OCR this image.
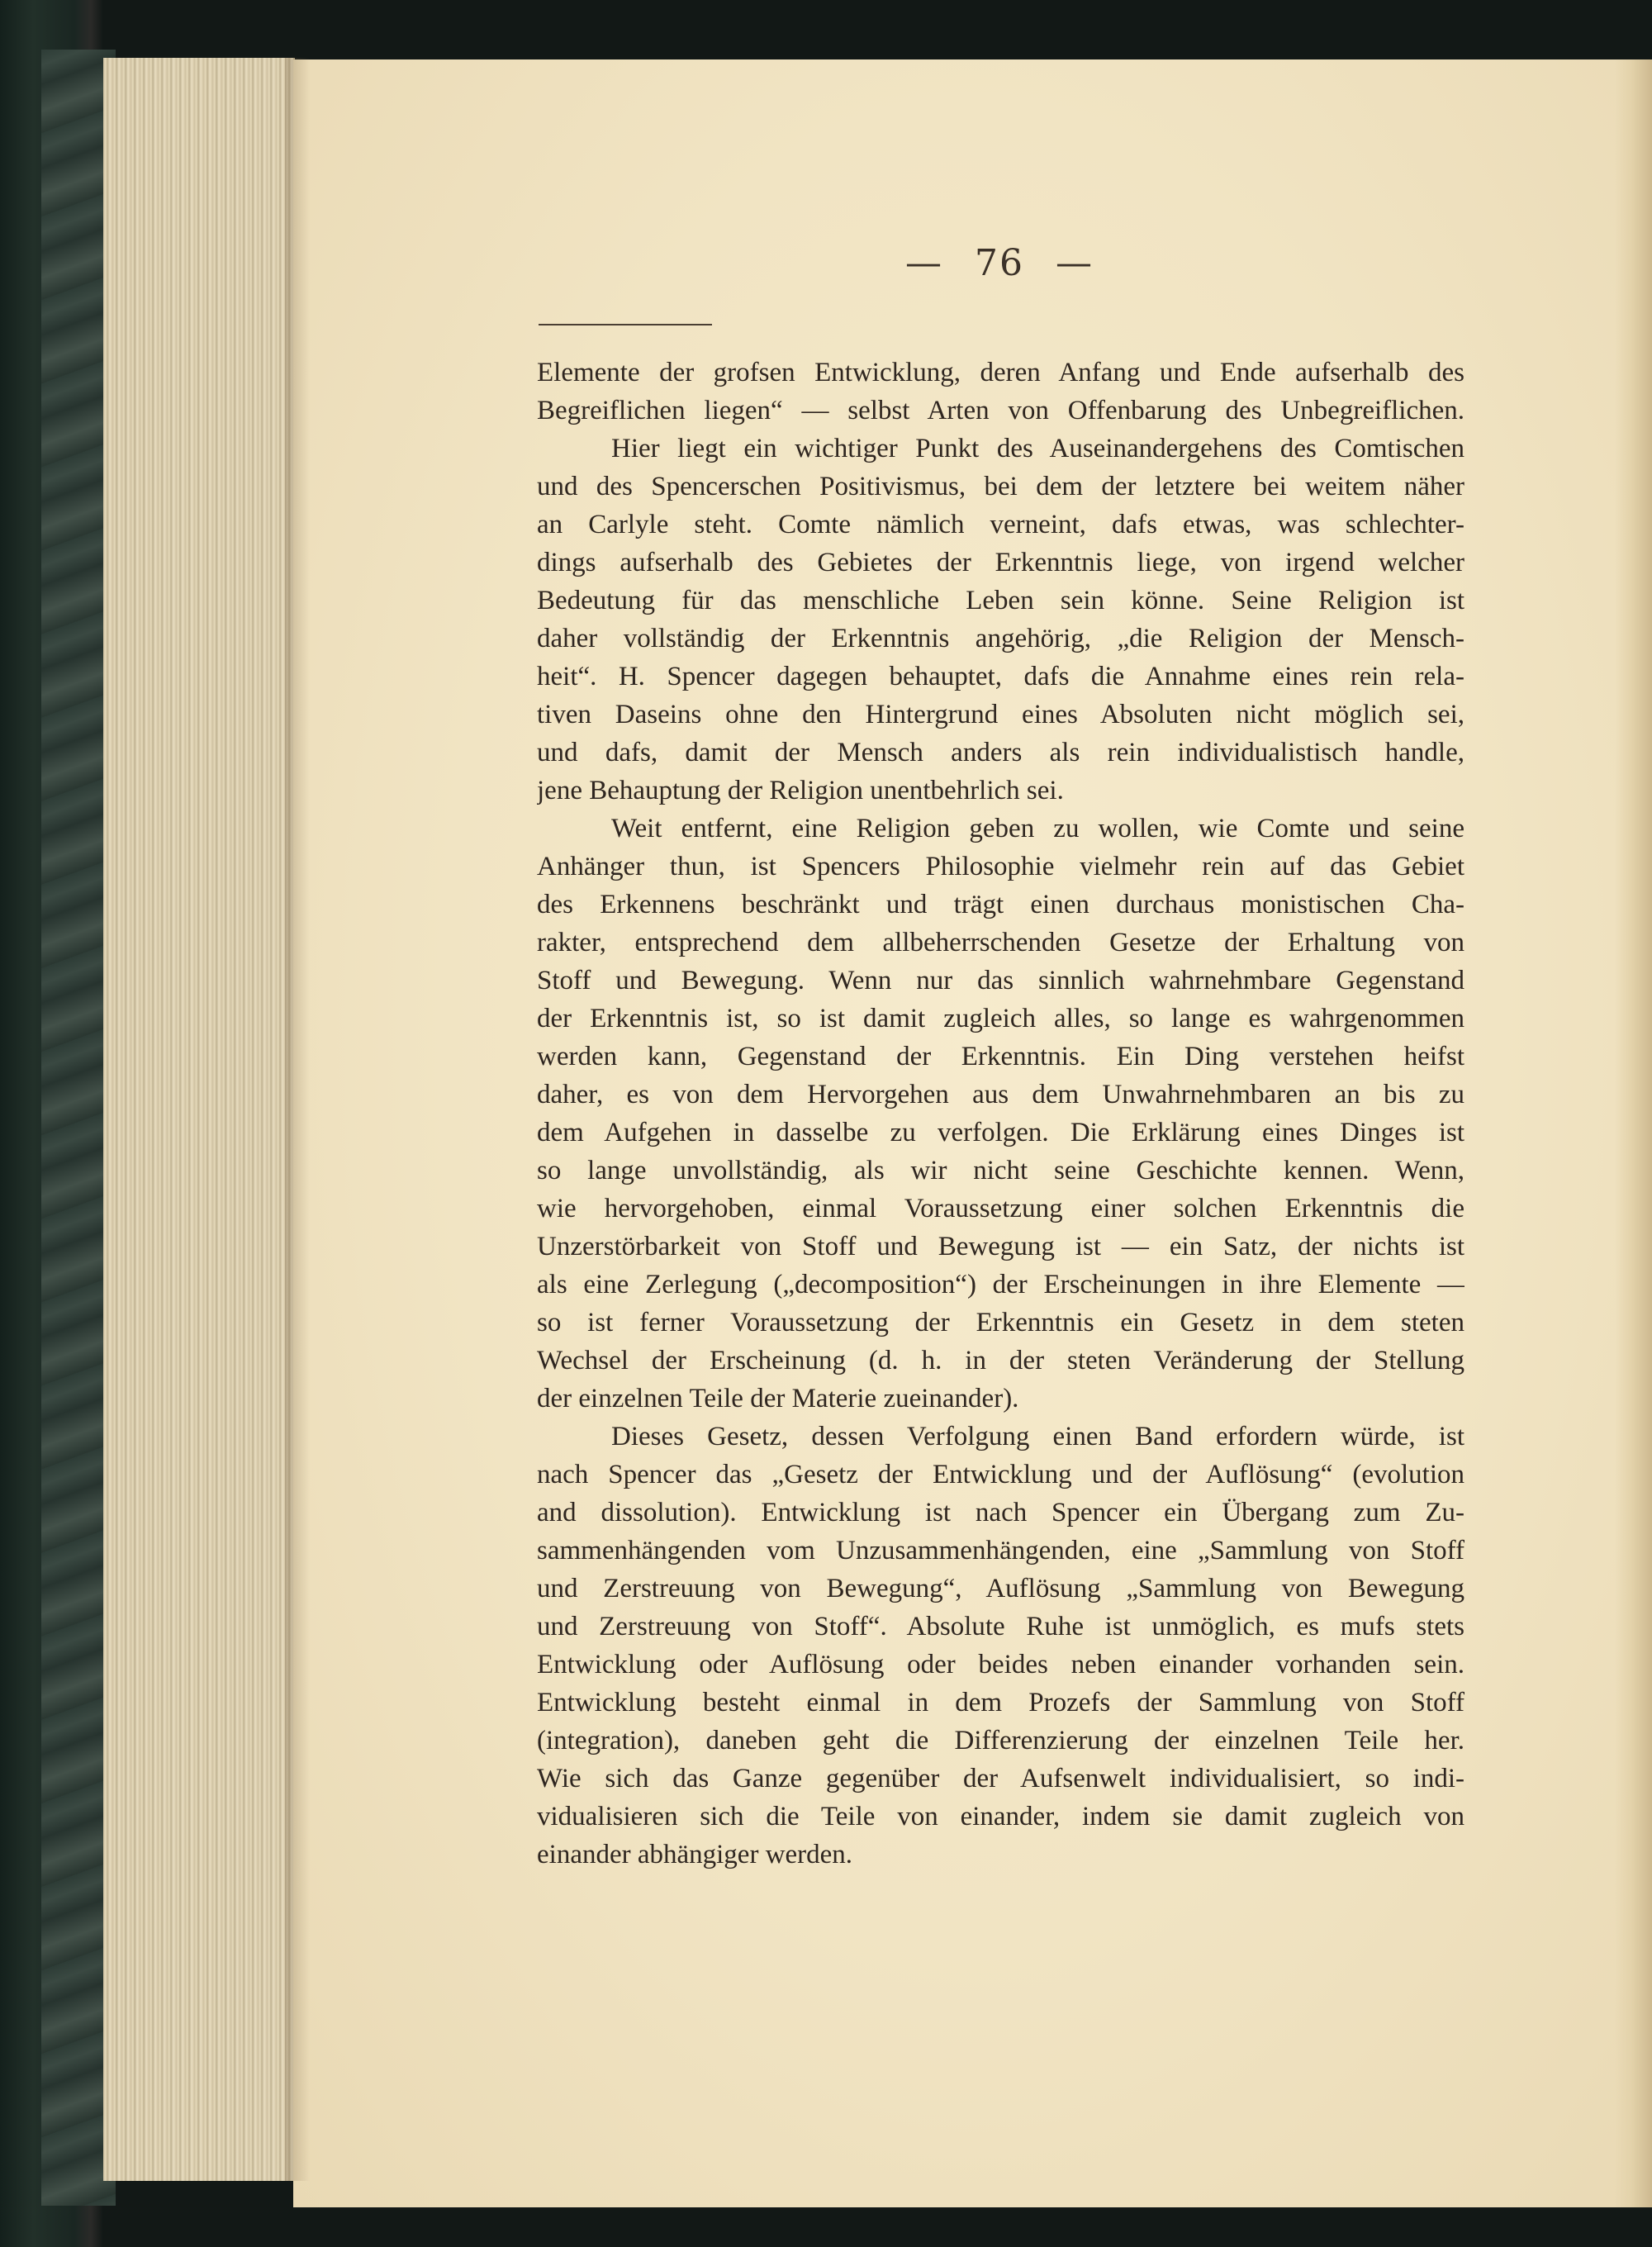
— 76 —
Elemente der grofsen Entwicklung, deren Anfang und Ende aufserhalb des
Begreiflichen liegen“ — selbst Arten von Offenbarung des Unbegreiflichen.
Hier liegt ein wichtiger Punkt des Auseinandergehens des Comtischen
und des Spencerschen Positivismus, bei dem der letztere bei weitem näher
an Carlyle steht. Comte nämlich verneint, dafs etwas, was schlechter-
dings aufserhalb des Gebietes der Erkenntnis liege, von irgend welcher
Bedeutung für das menschliche Leben sein könne. Seine Religion ist
daher vollständig der Erkenntnis angehörig, „die Religion der Mensch-
heit“. H. Spencer dagegen behauptet, dafs die Annahme eines rein rela-
tiven Daseins ohne den Hintergrund eines Absoluten nicht möglich sei,
und dafs, damit der Mensch anders als rein individualistisch handle,
jene Behauptung der Religion unentbehrlich sei.
Weit entfernt, eine Religion geben zu wollen, wie Comte und seine
Anhänger thun, ist Spencers Philosophie vielmehr rein auf das Gebiet
des Erkennens beschränkt und trägt einen durchaus monistischen Cha-
rakter, entsprechend dem allbeherrschenden Gesetze der Erhaltung von
Stoff und Bewegung. Wenn nur das sinnlich wahrnehmbare Gegenstand
der Erkenntnis ist, so ist damit zugleich alles, so lange es wahrgenommen
werden kann, Gegenstand der Erkenntnis. Ein Ding verstehen heifst
daher, es von dem Hervorgehen aus dem Unwahrnehmbaren an bis zu
dem Aufgehen in dasselbe zu verfolgen. Die Erklärung eines Dinges ist
so lange unvollständig, als wir nicht seine Geschichte kennen. Wenn,
wie hervorgehoben, einmal Voraussetzung einer solchen Erkenntnis die
Unzerstörbarkeit von Stoff und Bewegung ist — ein Satz, der nichts ist
als eine Zerlegung („decomposition“) der Erscheinungen in ihre Elemente —
so ist ferner Voraussetzung der Erkenntnis ein Gesetz in dem steten
Wechsel der Erscheinung (d. h. in der steten Veränderung der Stellung
der einzelnen Teile der Materie zueinander).
Dieses Gesetz, dessen Verfolgung einen Band erfordern würde, ist
nach Spencer das „Gesetz der Entwicklung und der Auflösung“ (evolution
and dissolution). Entwicklung ist nach Spencer ein Übergang zum Zu-
sammenhängenden vom Unzusammenhängenden, eine „Sammlung von Stoff
und Zerstreuung von Bewegung“, Auflösung „Sammlung von Bewegung
und Zerstreuung von Stoff“. Absolute Ruhe ist unmöglich, es mufs stets
Entwicklung oder Auflösung oder beides neben einander vorhanden sein.
Entwicklung besteht einmal in dem Prozefs der Sammlung von Stoff
(integration), daneben geht die Differenzierung der einzelnen Teile her.
Wie sich das Ganze gegenüber der Aufsenwelt individualisiert, so indi-
vidualisieren sich die Teile von einander, indem sie damit zugleich von
einander abhängiger werden.
